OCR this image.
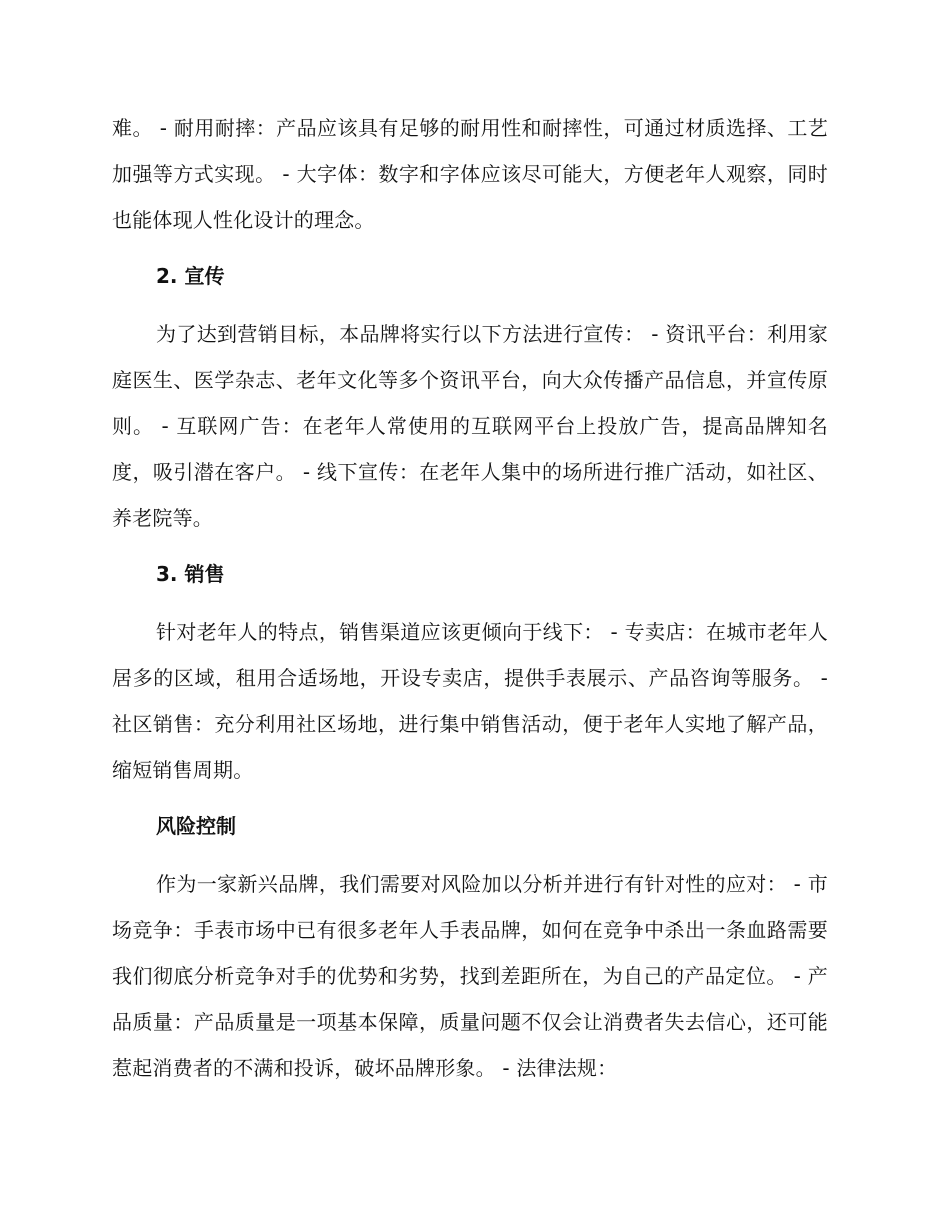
难。 - 耐用耐摔：产品应该具有足够的耐用性和耐摔性，可通过材质选择、工艺加强等方式实现。 - 大字体：数字和字体应该尽可能大，方便老年人观察，同时也能体现人性化设计的理念。

2. 宣传

为了达到营销目标，本品牌将实行以下方法进行宣传： - 资讯平台：利用家庭医生、医学杂志、老年文化等多个资讯平台，向大众传播产品信息，并宣传原则。 - 互联网广告：在老年人常使用的互联网平台上投放广告，提高品牌知名度，吸引潜在客户。 - 线下宣传：在老年人集中的场所进行推广活动，如社区、养老院等。

3. 销售

针对老年人的特点，销售渠道应该更倾向于线下： - 专卖店：在城市老年人居多的区域，租用合适场地，开设专卖店，提供手表展示、产品咨询等服务。 - 社区销售：充分利用社区场地，进行集中销售活动，便于老年人实地了解产品，缩短销售周期。

风险控制

作为一家新兴品牌，我们需要对风险加以分析并进行有针对性的应对： - 市场竞争：手表市场中已有很多老年人手表品牌，如何在竞争中杀出一条血路需要我们彻底分析竞争对手的优势和劣势，找到差距所在，为自己的产品定位。 - 产品质量：产品质量是一项基本保障，质量问题不仅会让消费者失去信心，还可能惹起消费者的不满和投诉，破坏品牌形象。 - 法律法规：
